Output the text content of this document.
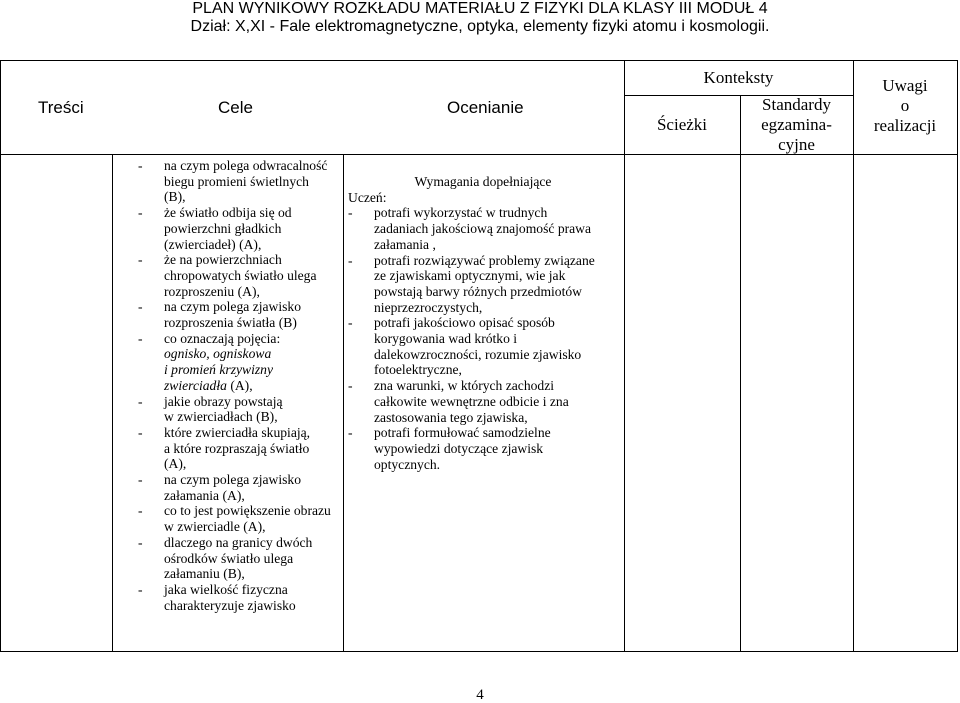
PLAN WYNIKOWY ROZKŁADU MATERIAŁU Z FIZYKI DLA KLASY III MODUŁ 4
Dział: X,XI - Fale elektromagnetyczne, optyka, elementy fizyki atomu i kosmologii.
Treści	Cele	Ocenianie
Konteksty
Ścieżki
Standardy
egzamina-
cyjne
Uwagi
o
realizacji
- na czym polega odwracalność
biegu promieni świetlnych
(B),
- że światło odbija się od
powierzchni gładkich
(zwierciadeł) (A),
- że na powierzchniach
chropowatych światło ulega
rozproszeniu (A),
- na czym polega zjawisko
rozproszenia światła (B)
- co oznaczają pojęcia:
ognisko, ogniskowa
i promień krzywizny
zwierciadła (A),
- jakie obrazy powstają
w zwierciadłach (B),
- które zwierciadła skupiają,
a które rozpraszają światło
(A),
- na czym polega zjawisko
załamania (A),
- co to jest powiększenie obrazu
w zwierciadle (A),
- dlaczego na granicy dwóch
ośrodków światło ulega
załamaniu (B),
- jaka wielkość fizyczna
charakteryzuje zjawisko
Wymagania dopełniające
Uczeń:
- potrafi wykorzystać w trudnych
zadaniach jakościową znajomość prawa
załamania ,
- potrafi rozwiązywać problemy związane
ze zjawiskami optycznymi, wie jak
powstają barwy różnych przedmiotów
nieprzezroczystych,
- potrafi jakościowo opisać sposób
korygowania wad krótko i
dalekowzroczności, rozumie zjawisko
fotoelektryczne,
- zna warunki, w których zachodzi
całkowite wewnętrzne odbicie i zna
zastosowania tego zjawiska,
- potrafi formułować samodzielne
wypowiedzi dotyczące zjawisk
optycznych.
4
